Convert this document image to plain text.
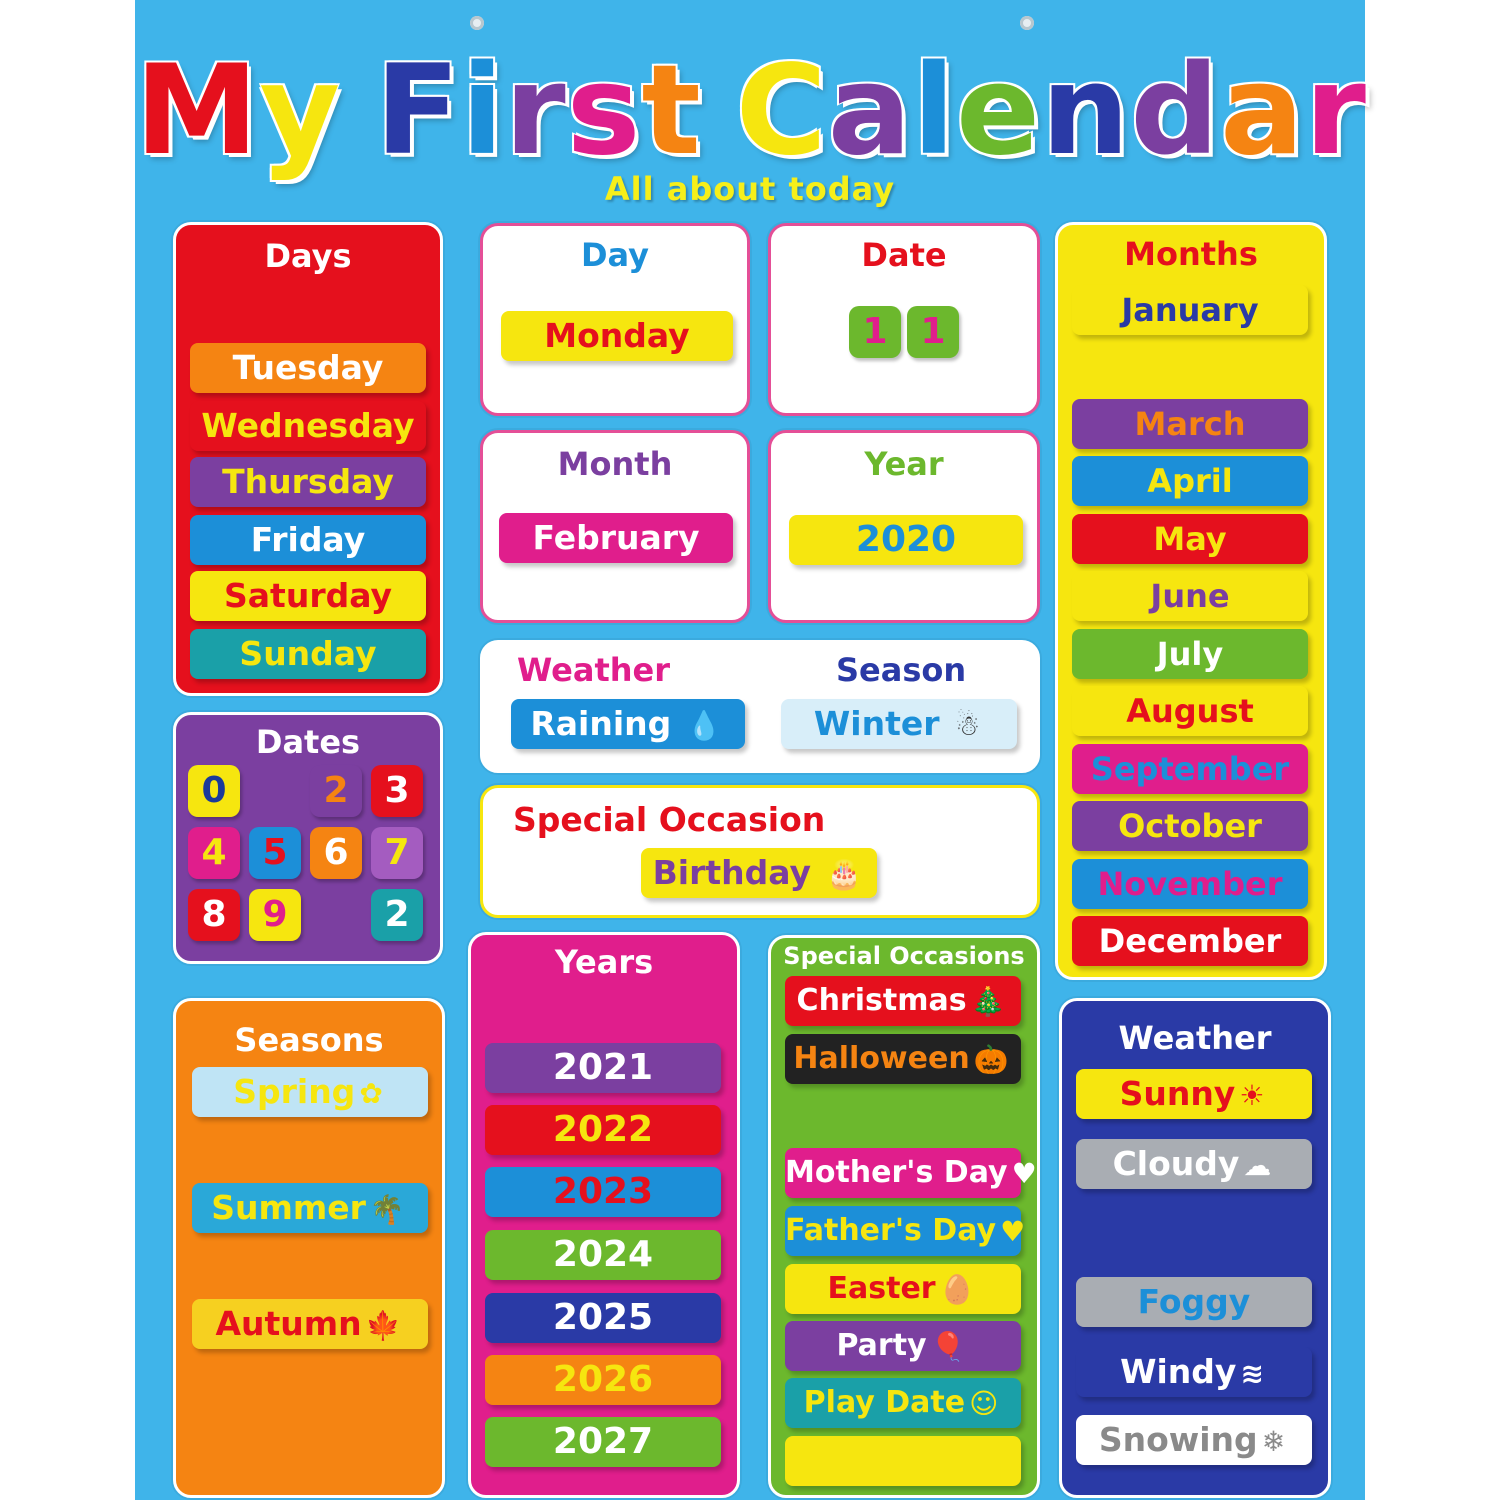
My First Calendar
All about today
Days
Tuesday
Wednesday
Thursday
Friday
Saturday
Sunday
Dates
0	2 3
4 5 6 7
8 9	2
Seasons
Spring ✿
Summer 🌴
Autumn 🍁
Day
Monday
Date
1 1
Month
February
Year
2020
Weather	Season
Raining 💧	Winter ☃
Special Occasion
Birthday 🎂
Years
2021
2022
2023
2024
2025
2026
2027
Special Occasions
Christmas 🎄
Halloween 🎃
Mother's Day ♥
Father's Day ♥
Easter 🥚
Party 🎈
Play Date ☺
Months
January
March
April
May
June
July
August
September
October
November
December
Weather
Sunny ☀
Cloudy ☁
Foggy
Windy ≋
Snowing ❄
